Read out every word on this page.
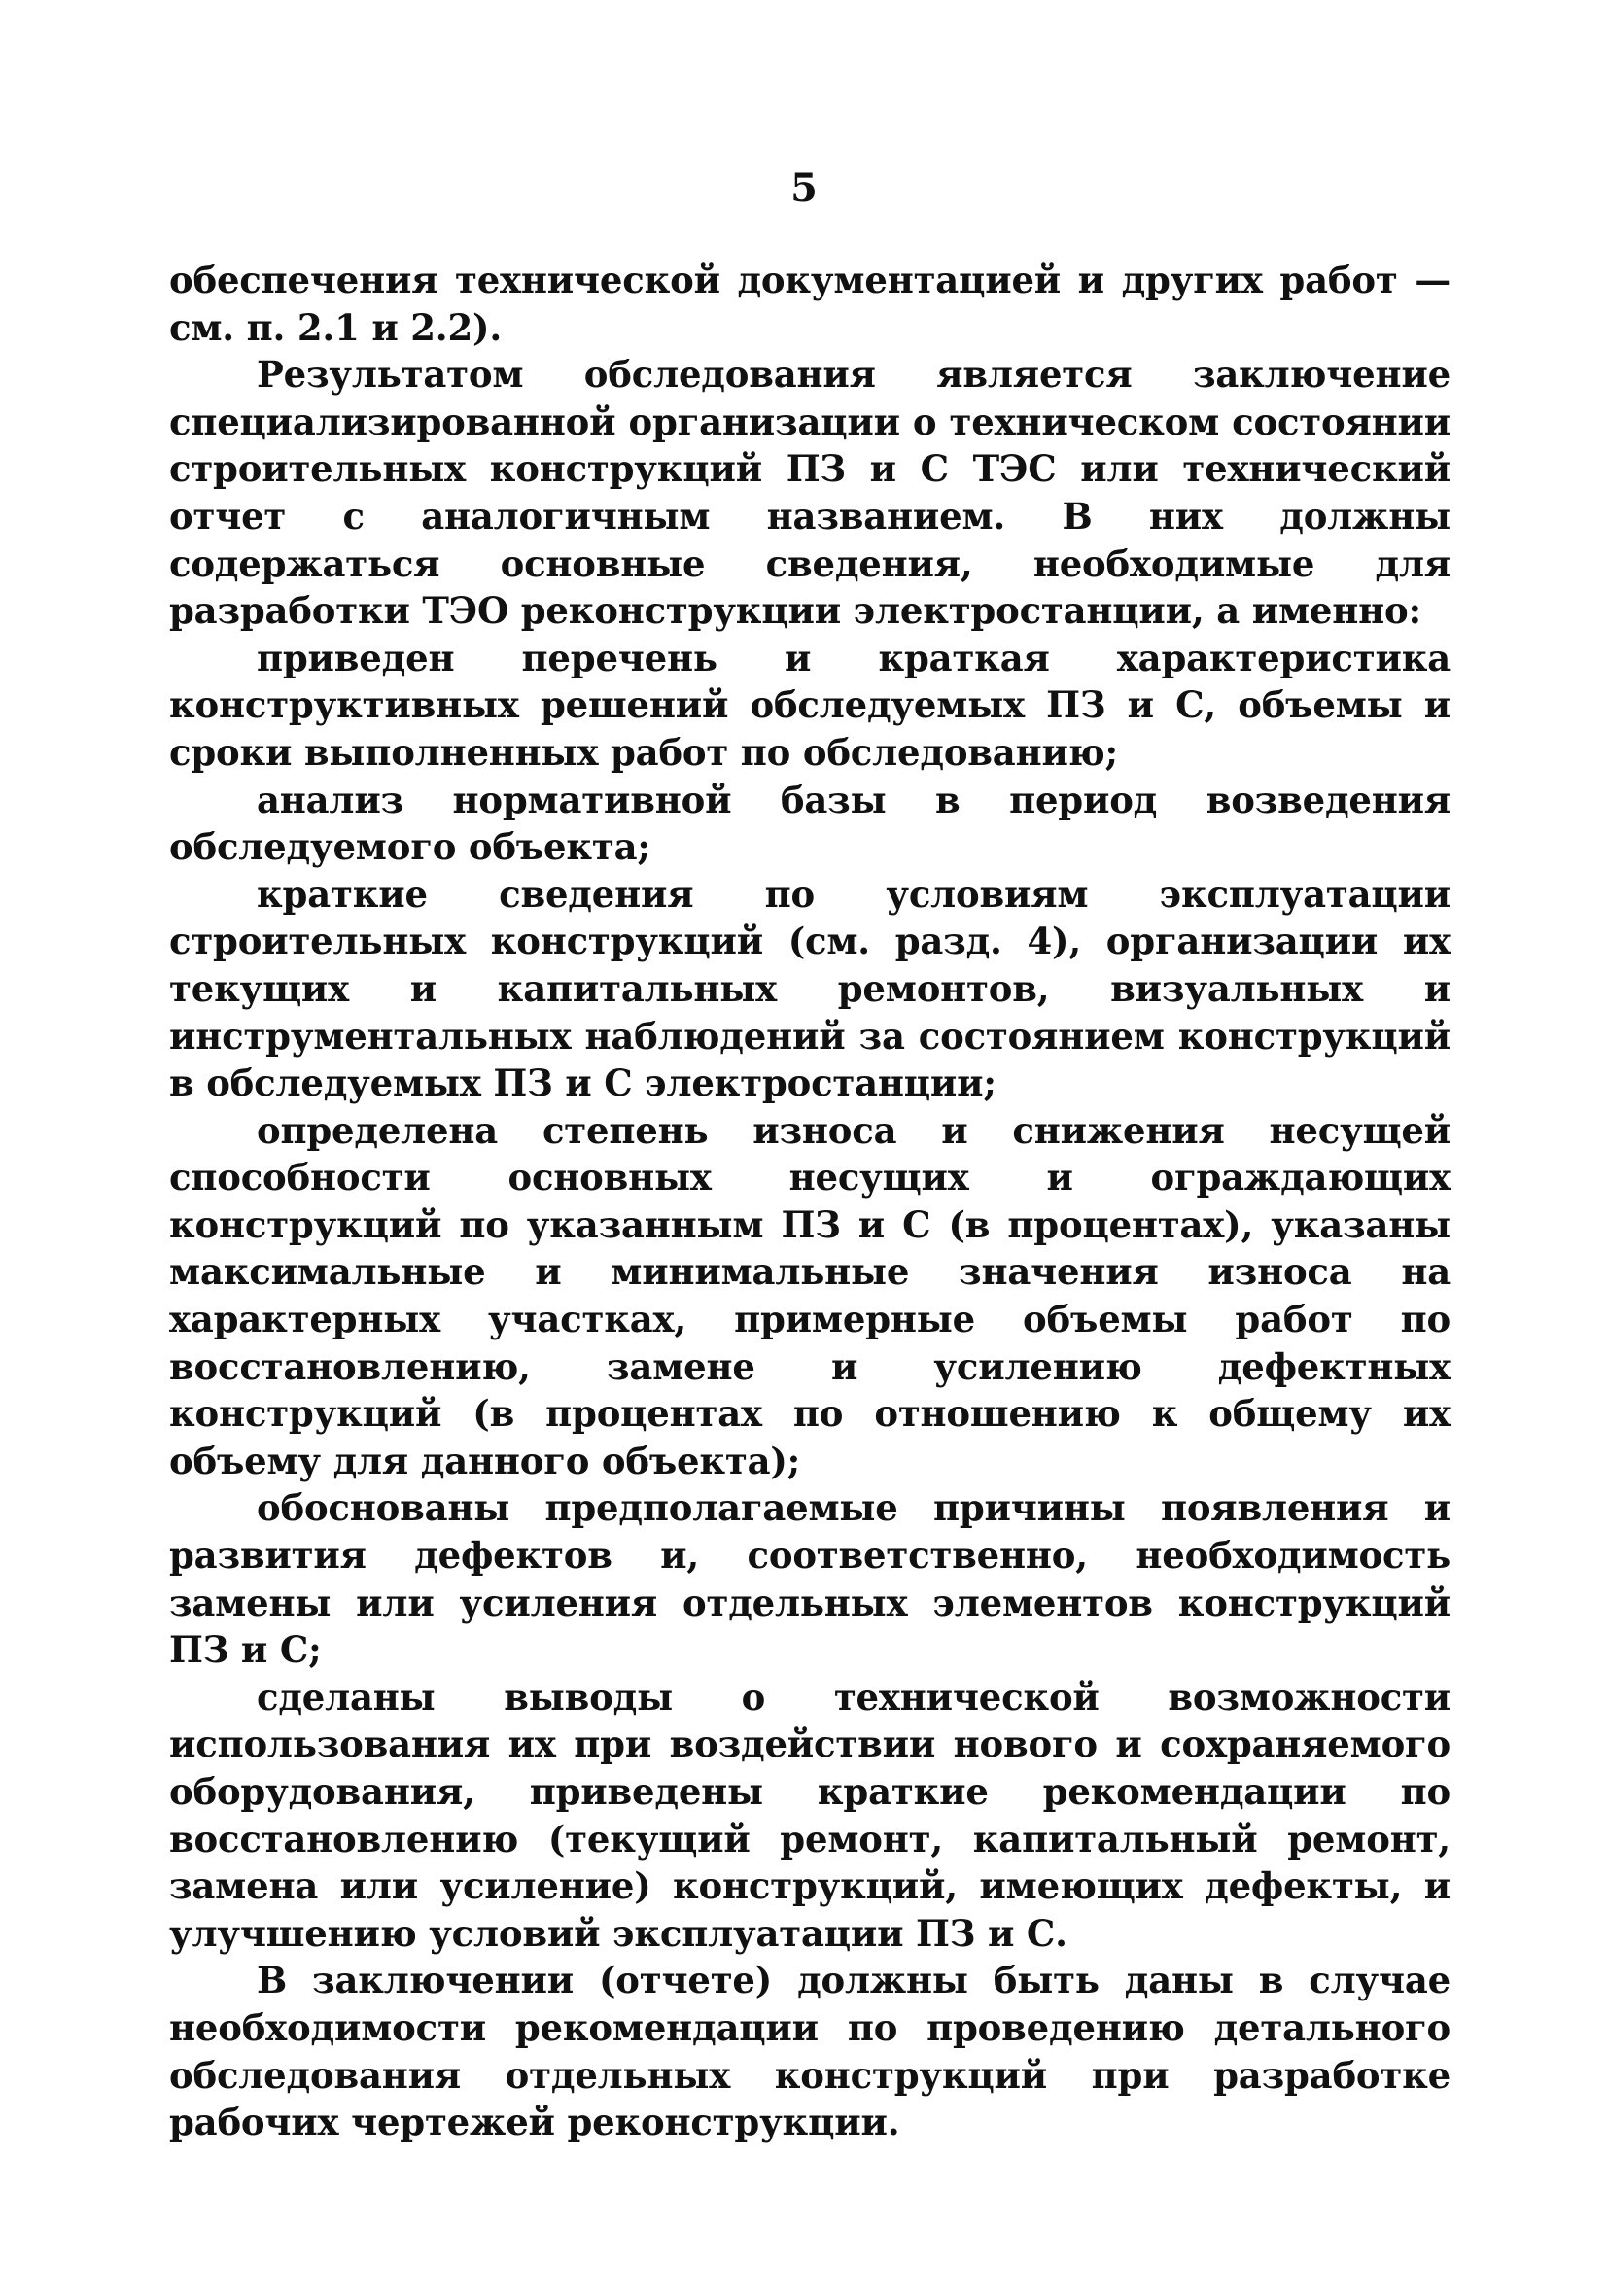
5

обеспечения технической документацией и других работ — см. п. 2.1 и 2.2).

Результатом обследования является заключение специализированной организации о техническом состоянии строительных конструкций ПЗ и С ТЭС или технический отчет с аналогичным названием. В них должны содержаться основные сведения, необходимые для разработки ТЭО реконструкции электростанции, а именно:

приведен перечень и краткая характеристика конструктивных решений обследуемых ПЗ и С, объемы и сроки выполненных работ по обследованию;

анализ нормативной базы в период возведения обследуемого объекта;

краткие сведения по условиям эксплуатации строительных конструкций (см. разд. 4), организации их текущих и капитальных ремонтов, визуальных и инструментальных наблюдений за состоянием конструкций в обследуемых ПЗ и С электростанции;

определена степень износа и снижения несущей способности основных несущих и ограждающих конструкций по указанным ПЗ и С (в процентах), указаны максимальные и минимальные значения износа на характерных участках, примерные объемы работ по восстановлению, замене и усилению дефектных конструкций (в процентах по отношению к общему их объему для данного объекта);

обоснованы предполагаемые причины появления и развития дефектов и, соответственно, необходимость замены или усиления отдельных элементов конструкций ПЗ и С;

сделаны выводы о технической возможности использования их при воздействии нового и сохраняемого оборудования, приведены краткие рекомендации по восстановлению (текущий ремонт, капитальный ремонт, замена или усиление) конструкций, имеющих дефекты, и улучшению условий эксплуатации ПЗ и С.

В заключении (отчете) должны быть даны в случае необходимости рекомендации по проведению детального обследования отдельных конструкций при разработке рабочих чертежей реконструкции.
